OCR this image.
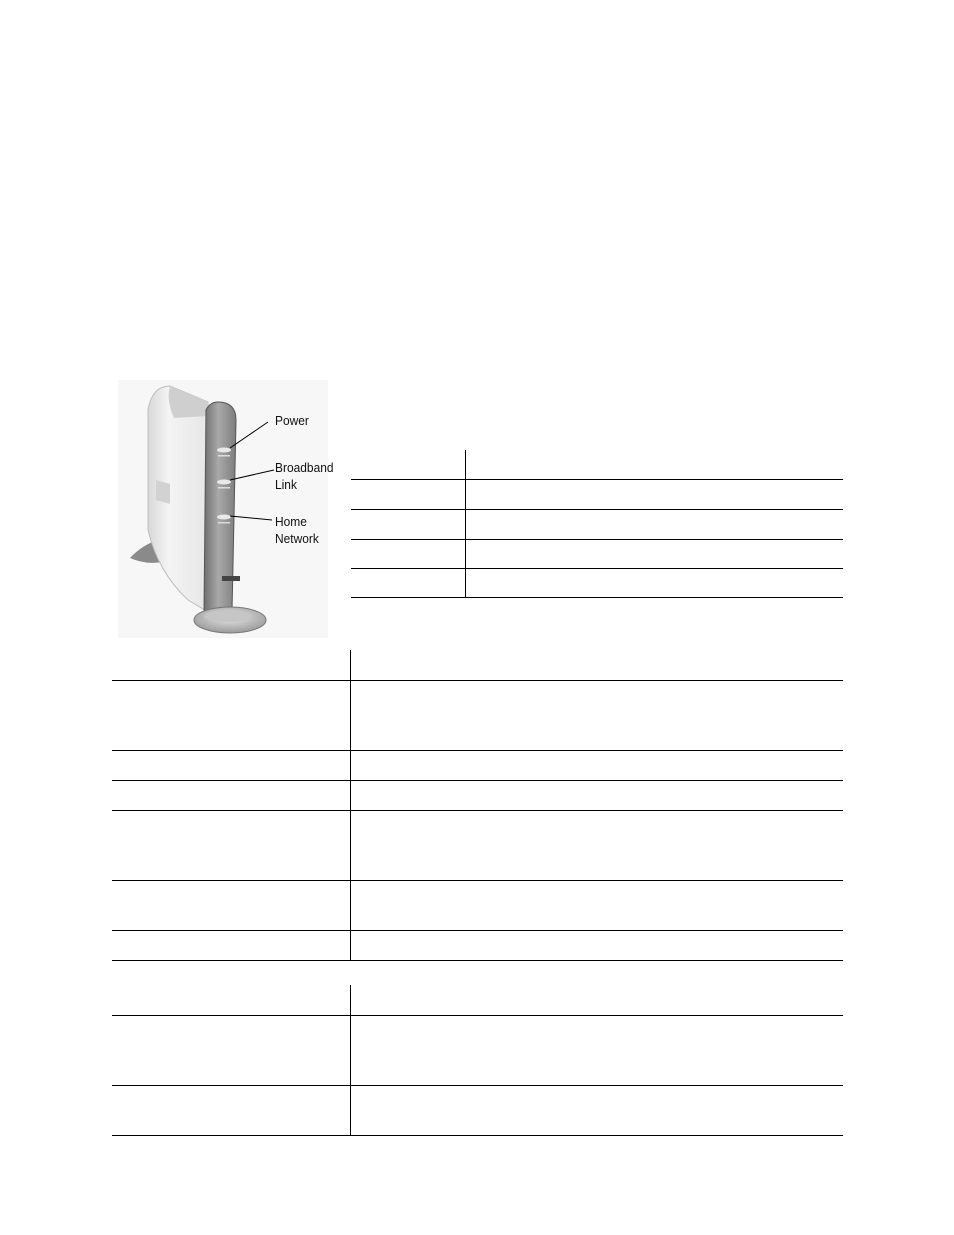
Power
Broadband
Link
Home
Network
